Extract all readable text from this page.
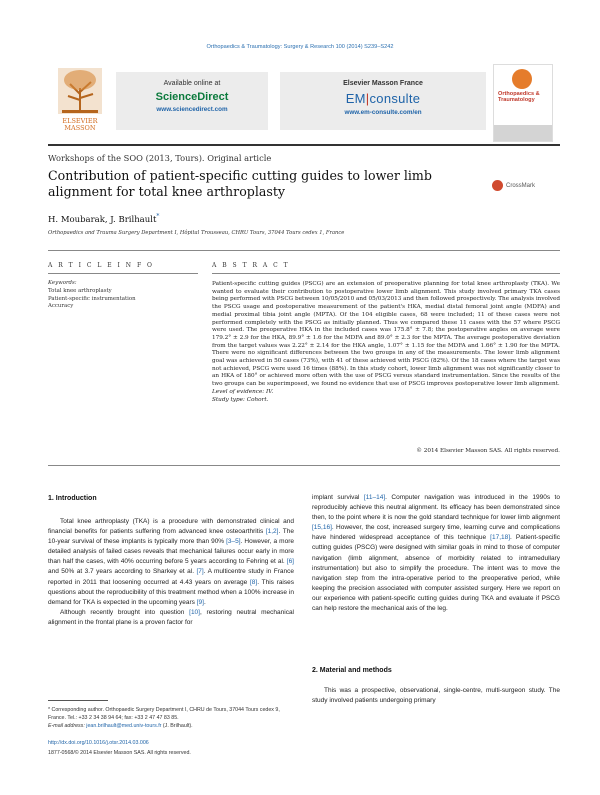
Orthopaedics & Traumatology: Surgery & Research 100 (2014) S239–S242
ELSEVIER
MASSON
Available online at
ScienceDirect
www.sciencedirect.com
Elsevier Masson France
EM|consulte
www.em-consulte.com/en
Orthopaedics & Traumatology
Workshops of the SOO (2013, Tours). Original article
Contribution of patient-specific cutting guides to lower limb alignment for total knee arthroplasty	CrossMark
H. Moubarak, J. Brilhault*
Orthopaedics and Trauma Surgery Department I, Hôpital Trousseau, CHRU Tours, 37044 Tours cedex 1, France
A R T I C L E I N F O
Keywords:
Total knee arthroplasty
Patient-specific instrumentation
Accuracy
A B S T R A C T
Patient-specific cutting guides (PSCG) are an extension of preoperative planning for total knee arthroplasty (TKA). We wanted to evaluate their contribution to postoperative lower limb alignment. This study involved primary TKA cases being performed with PSCG between 10/05/2010 and 05/03/2013 and then followed prospectively. The analysis involved the PSCG usage and postoperative measurement of the patient's HKA, medial distal femoral joint angle (MDFA) and medial proximal tibia joint angle (MPTA). Of the 104 eligible cases, 68 were included; 11 of these cases were not performed completely with the PSCG as initially planned. Thus we compared these 11 cases with the 57 where PSCG were used. The preoperative HKA in the included cases was 175.8° ± 7.8; the postoperative angles on average were 179.2° ± 2.9 for the HKA, 89.9° ± 1.6 for the MDFA and 89.0° ± 2.3 for the MPTA. The average postoperative deviation from the target values was 2.22° ± 2.14 for the HKA angle, 1.07° ± 1.15 for the MDFA and 1.66° ± 1.90 for the MPTA. There were no significant differences between the two groups in any of the measurements. The lower limb alignment goal was achieved in 50 cases (73%), with 41 of these achieved with PSCG (82%). Of the 18 cases where the target was not achieved, PSCG were used 16 times (88%). In this study cohort, lower limb alignment was not significantly closer to an HKA of 180° or achieved more often with the use of PSCG versus standard instrumentation. Since the results of the two groups can be superimposed, we found no evidence that use of PSCG improves postoperative lower limb alignment.
Level of evidence: IV.
Study type: Cohort.
© 2014 Elsevier Masson SAS. All rights reserved.
1. Introduction

Total knee arthroplasty (TKA) is a procedure with demonstrated clinical and financial benefits for patients suffering from advanced knee osteoarthritis [1,2]. The 10-year survival of these implants is typically more than 90% [3–5]. However, a more detailed analysis of failed cases reveals that mechanical failures occur early in more than half the cases, with 40% occurring before 5 years according to Fehring et al. [6] and 50% at 3.7 years according to Sharkey et al. [7]. A multicentre study in France reported in 2011 that loosening occurred at 4.43 years on average [8]. This raises questions about the reproducibility of this treatment method when a 100% increase in demand for TKA is expected in the upcoming years [9].

Although recently brought into question [10], restoring neutral mechanical alignment in the frontal plane is a proven factor for

implant survival [11–14]. Computer navigation was introduced in the 1990s to reproducibly achieve this neutral alignment. Its efficacy has been demonstrated since then, to the point where it is now the gold standard technique for lower limb alignment [15,16]. However, the cost, increased surgery time, learning curve and complications have hindered widespread acceptance of this technique [17,18]. Patient-specific cutting guides (PSCG) were designed with similar goals in mind to those of computer navigation (limb alignment, absence of morbidity related to intramedullary instrumentation) but also to simplify the procedure. The intent was to move the navigation step from the intra-operative period to the preoperative period, while keeping the precision associated with computer assisted surgery. Here we report on our experience with patient-specific cutting guides during TKA and evaluate if PSCG can help restore the mechanical axis of the leg.

2. Material and methods

This was a prospective, observational, single-centre, multi-surgeon study. The study involved patients undergoing primary

* Corresponding author. Orthopaedic Surgery Department I, CHRU de Tours, 37044 Tours cedex 9, France. Tel.: +33 2 34 38 94 64; fax: +33 2 47 47 83 85.
E-mail address: jean.brilhault@med.univ-tours.fr (J. Brilhault).
http://dx.doi.org/10.1016/j.otsr.2014.03.006
1877-0568/© 2014 Elsevier Masson SAS. All rights reserved.
